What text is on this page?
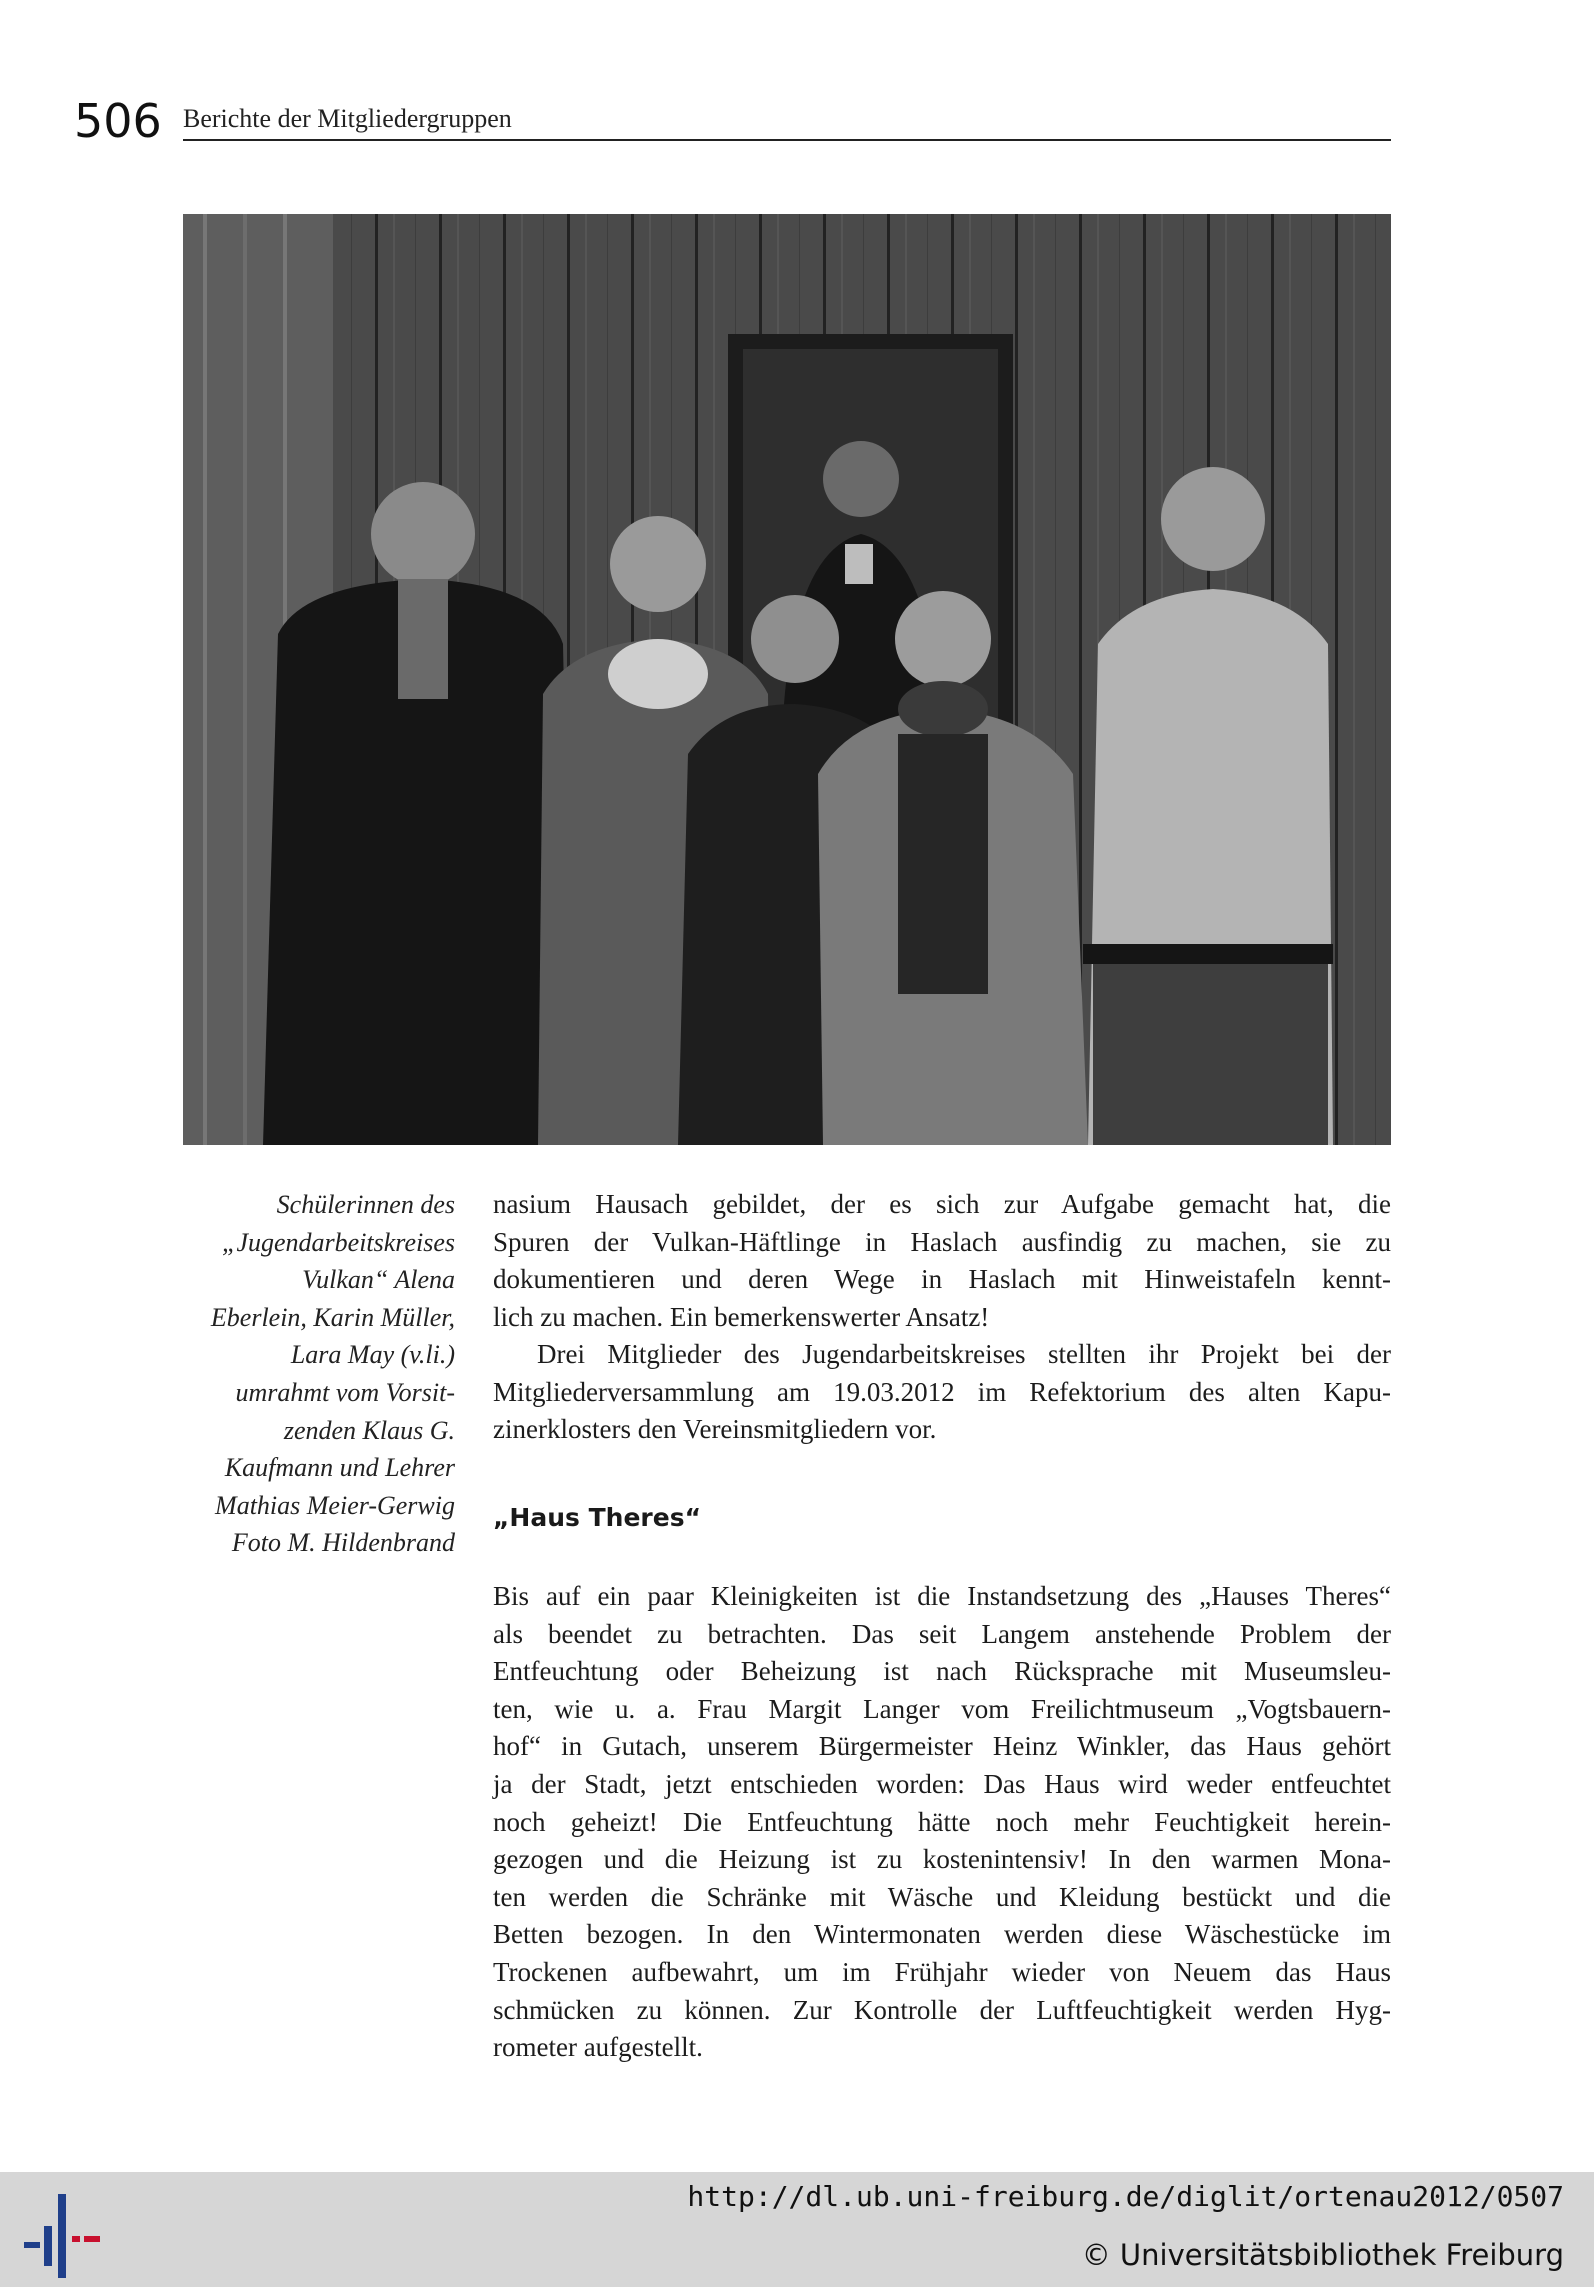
506 Berichte der Mitgliedergruppen
Schülerinnen des
„Jugendarbeitskreises
Vulkan“ Alena
Eberlein, Karin Müller,
Lara May (v.li.)
umrahmt vom Vorsit-
zenden Klaus G.
Kaufmann und Lehrer
Mathias Meier-Gerwig
Foto M. Hildenbrand
nasium Hausach gebildet, der es sich zur Aufgabe gemacht hat, die
Spuren der Vulkan-Häftlinge in Haslach ausfindig zu machen, sie zu
dokumentieren und deren Wege in Haslach mit Hinweistafeln kennt-
lich zu machen. Ein bemerkenswerter Ansatz!
Drei Mitglieder des Jugendarbeitskreises stellten ihr Projekt bei der
Mitgliederversammlung am 19.03.2012 im Refektorium des alten Kapu-
zinerklosters den Vereinsmitgliedern vor.
„Haus Theres“
Bis auf ein paar Kleinigkeiten ist die Instandsetzung des „Hauses Theres“
als beendet zu betrachten. Das seit Langem anstehende Problem der
Entfeuchtung oder Beheizung ist nach Rücksprache mit Museumsleu-
ten, wie u. a. Frau Margit Langer vom Freilichtmuseum „Vogtsbauern-
hof“ in Gutach, unserem Bürgermeister Heinz Winkler, das Haus gehört
ja der Stadt, jetzt entschieden worden: Das Haus wird weder entfeuchtet
noch geheizt! Die Entfeuchtung hätte noch mehr Feuchtigkeit herein-
gezogen und die Heizung ist zu kostenintensiv! In den warmen Mona-
ten werden die Schränke mit Wäsche und Kleidung bestückt und die
Betten bezogen. In den Wintermonaten werden diese Wäschestücke im
Trockenen aufbewahrt, um im Frühjahr wieder von Neuem das Haus
schmücken zu können. Zur Kontrolle der Luftfeuchtigkeit werden Hyg-
rometer aufgestellt.
http://dl.ub.uni-freiburg.de/diglit/ortenau2012/0507
© Universitätsbibliothek Freiburg
